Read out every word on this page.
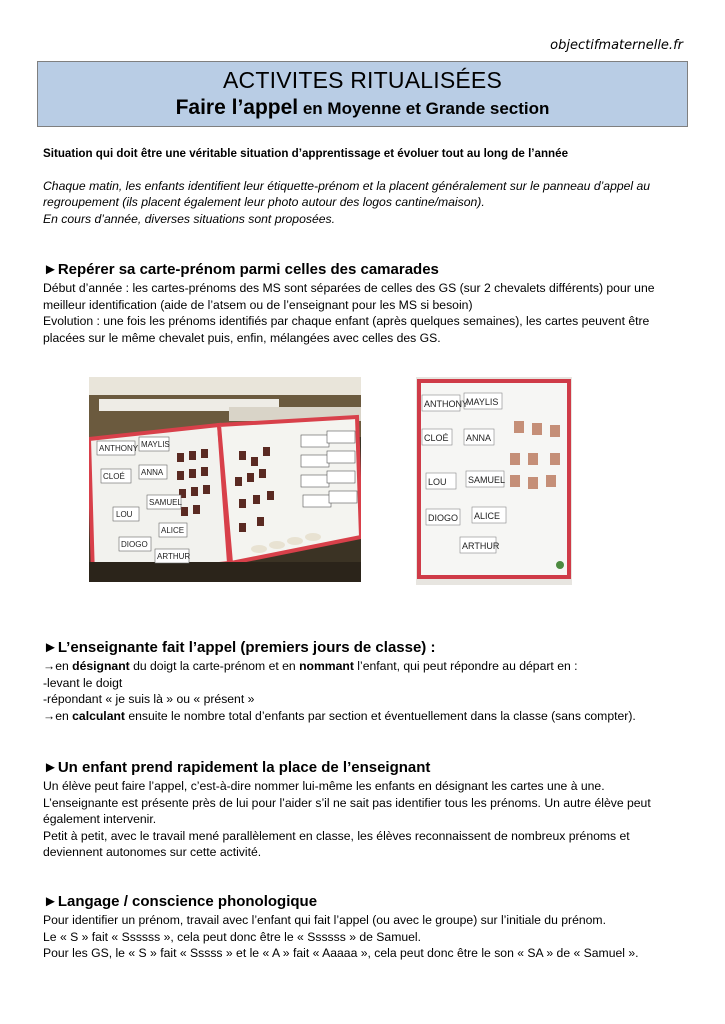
objectifmaternelle.fr
ACTIVITES RITUALISÉES
Faire l’appel en Moyenne et Grande section
Situation qui doit être une véritable situation d’apprentissage et évoluer tout au long de l’année
Chaque matin, les enfants identifient leur étiquette-prénom et la placent généralement sur le panneau d’appel au
regroupement (ils placent également leur photo autour des logos cantine/maison).
En cours d’année, diverses situations sont proposées.
►Repérer sa carte-prénom parmi celles des camarades
Début d’année : les cartes-prénoms des MS sont séparées de celles des GS (sur 2 chevalets différents) pour une
meilleur identification (aide de l’atsem ou de l’enseignant pour les MS si besoin)
Evolution : une fois les prénoms identifiés par chaque enfant (après quelques semaines), les cartes peuvent être
placées sur le même chevalet puis, enfin, mélangées avec celles des GS.
ANTHONY MAYLIS
CLOÉ ANNA
LOU
SAMUEL
DIOGO
ALICE
ARTHUR
ANTHONY
MAYLIS
CLOÉ ANNA
LOU SAMUEL
DIOGO ALICE
ARTHUR
►L’enseignante fait l’appel (premiers jours de classe) :
→en désignant du doigt la carte-prénom et en nommant l’enfant, qui peut répondre au départ en :
-levant le doigt
-répondant « je suis là » ou « présent »
→en calculant ensuite le nombre total d’enfants par section et éventuellement dans la classe (sans compter).
►Un enfant prend rapidement la place de l’enseignant
Un élève peut faire l’appel, c’est-à-dire nommer lui-même les enfants en désignant les cartes une à une.
L’enseignante est présente près de lui pour l’aider s’il ne sait pas identifier tous les prénoms. Un autre élève peut
également intervenir.
Petit à petit, avec le travail mené parallèlement en classe, les élèves reconnaissent de nombreux prénoms et
deviennent autonomes sur cette activité.
►Langage / conscience phonologique
Pour identifier un prénom, travail avec l’enfant qui fait l’appel (ou avec le groupe) sur l’initiale du prénom.
Le « S » fait « Ssssss », cela peut donc être le « Ssssss » de Samuel.
Pour les GS, le « S » fait « Sssss » et le « A » fait « Aaaaa », cela peut donc être le son « SA » de « Samuel ».
